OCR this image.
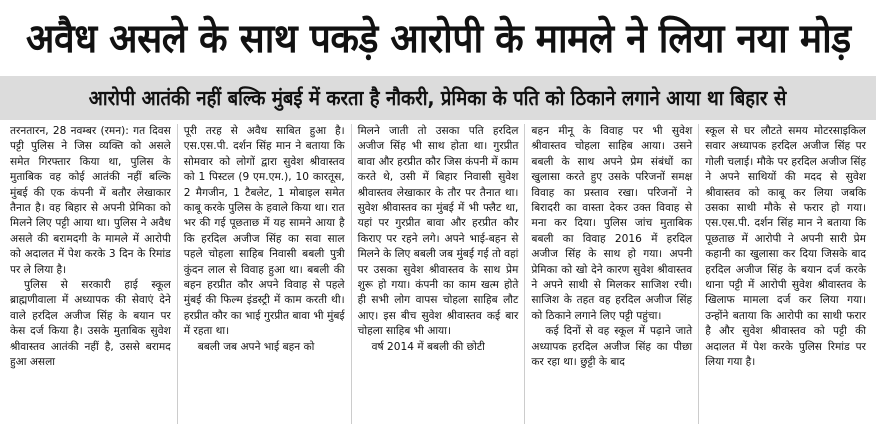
अवैध असले के साथ पकड़े आरोपी के मामले ने लिया नया मोड़
आरोपी आतंकी नहीं बल्कि मुंबई में करता है नौकरी, प्रेमिका के पति को ठिकाने लगाने आया था बिहार से

तरनतारन, 28 नवम्बर (रमन): गत दिवस पट्टी पुलिस ने जिस व्यक्ति को असले समेत गिरफ्तार किया था, पुलिस के मुताबिक वह कोई आतंकी नहीं बल्कि मुंबई की एक कंपनी में बतौर लेखाकार तैनात है। वह बिहार से अपनी प्रेमिका को मिलने लिए पट्टी आया था। पुलिस ने अवैध असले की बरामदगी के मामले में आरोपी को अदालत में पेश करके 3 दिन के रिमांड पर ले लिया है।

पुलिस से सरकारी हाई स्कूल ब्राह्मणीवाला में अध्यापक की सेवाएं देने वाले हरदिल अजीज सिंह के बयान पर केस दर्ज किया है। उसके मुताबिक सुवेश श्रीवास्तव आतंकी नहीं है, उससे बरामद हुआ असला

पूरी तरह से अवैध साबित हुआ है। एस.एस.पी. दर्शन सिंह मान ने बताया कि सोमवार को लोगों द्वारा सुवेश श्रीवास्तव को 1 पिस्टल (9 एम.एम.), 10 कारतूस, 2 मैगजीन, 1 टैबलेट, 1 मोबाइल समेत काबू करके पुलिस के हवाले किया था। रात भर की गई पूछताछ में यह सामने आया है कि हरदिल अजीज सिंह का सवा साल पहले चोहला साहिब निवासी बबली पुत्री कुंदन लाल से विवाह हुआ था। बबली की बहन हरप्रीत कौर अपने विवाह से पहले मुंबई की फिल्म इंडस्ट्री में काम करती थी। हरप्रीत कौर का भाई गुरप्रीत बावा भी मुंबई में रहता था।

बबली जब अपने भाई बहन को

मिलने जाती तो उसका पति हरदिल अजीज सिंह भी साथ होता था। गुरप्रीत बावा और हरप्रीत कौर जिस कंपनी में काम करते थे, उसी में बिहार निवासी सुवेश श्रीवास्तव लेखाकार के तौर पर तैनात था। सुवेश श्रीवास्तव का मुंबई में भी फ्लैट था, यहां पर गुरप्रीत बावा और हरप्रीत कौर किराए पर रहने लगे। अपने भाई-बहन से मिलने के लिए बबली जब मुंबई गई तो वहां पर उसका सुवेश श्रीवास्तव के साथ प्रेम शुरू हो गया। कंपनी का काम खत्म होते ही सभी लोग वापस चोहला साहिब लौट आए। इस बीच सुवेश श्रीवास्तव कई बार चोहला साहिब भी आया।

वर्ष 2014 में बबली की छोटी

बहन मीनू के विवाह पर भी सुवेश श्रीवास्तव चोहला साहिब आया। उसने बबली के साथ अपने प्रेम संबंधों का खुलासा करते हुए उसके परिजनों समक्ष विवाह का प्रस्ताव रखा। परिजनों ने बिरादरी का वास्ता देकर उक्त विवाह से मना कर दिया। पुलिस जांच मुताबिक बबली का विवाह 2016 में हरदिल अजीज सिंह के साथ हो गया। अपनी प्रेमिका को खो देने कारण सुवेश श्रीवास्तव ने अपने साथी से मिलकर साजिश रची। साजिश के तहत वह हरदिल अजीज सिंह को ठिकाने लगाने लिए पट्टी पहुंचा।

कई दिनों से वह स्कूल में पढ़ाने जाते अध्यापक हरदिल अजीज सिंह का पीछा कर रहा था। छुट्टी के बाद

स्कूल से घर लौटते समय मोटरसाइकिल सवार अध्यापक हरदिल अजीज सिंह पर गोली चलाई। मौके पर हरदिल अजीज सिंह ने अपने साथियों की मदद से सुवेश श्रीवास्तव को काबू कर लिया जबकि उसका साथी मौके से फरार हो गया। एस.एस.पी. दर्शन सिंह मान ने बताया कि पूछताछ में आरोपी ने अपनी सारी प्रेम कहानी का खुलासा कर दिया जिसके बाद हरदिल अजीज सिंह के बयान दर्ज करके थाना पट्टी में आरोपी सुवेश श्रीवास्तव के खिलाफ मामला दर्ज कर लिया गया। उन्होंने बताया कि आरोपी का साथी फरार है और सुवेश श्रीवास्तव को पट्टी की अदालत में पेश करके पुलिस रिमांड पर लिया गया है।
